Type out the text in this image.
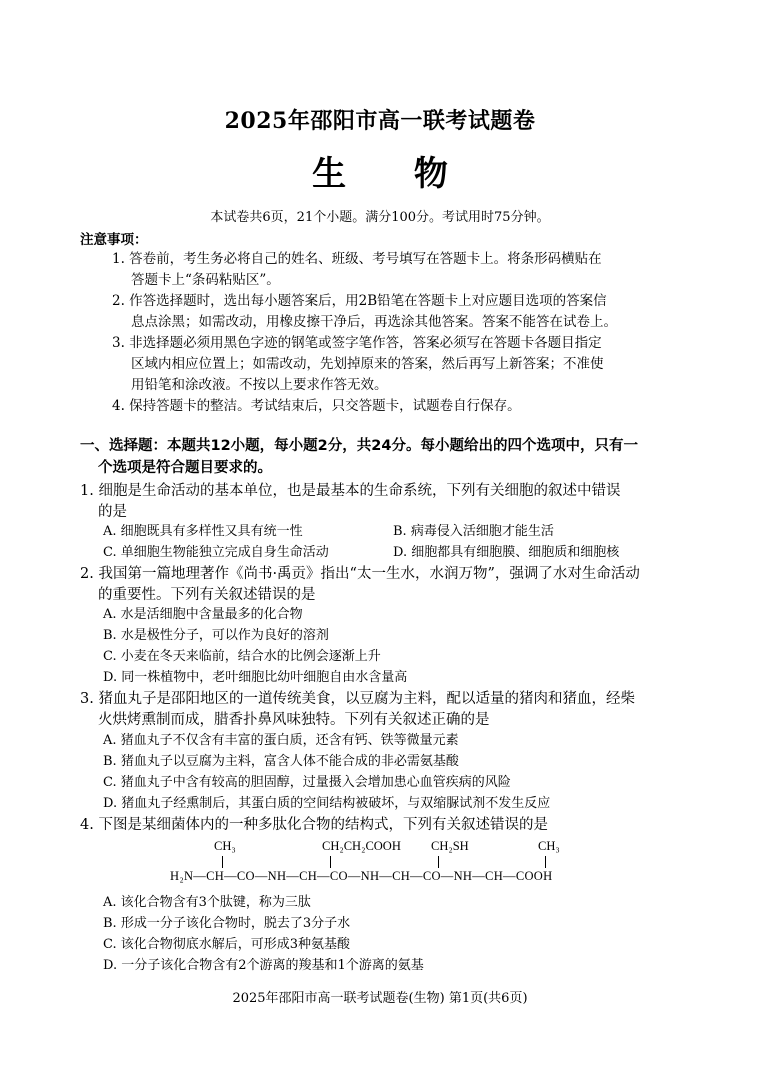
2025年邵阳市高一联考试题卷
生 物
本试卷共6页，21个小题。满分100分。考试用时75分钟。
注意事项：
1. 答卷前，考生务必将自己的姓名、班级、考号填写在答题卡上。将条形码横贴在
答题卡上“条码粘贴区”。
2. 作答选择题时，选出每小题答案后，用2B铅笔在答题卡上对应题目选项的答案信
息点涂黑；如需改动，用橡皮擦干净后，再选涂其他答案。答案不能答在试卷上。
3. 非选择题必须用黑色字迹的钢笔或签字笔作答，答案必须写在答题卡各题目指定
区域内相应位置上；如需改动，先划掉原来的答案，然后再写上新答案；不准使
用铅笔和涂改液。不按以上要求作答无效。
4. 保持答题卡的整洁。考试结束后，只交答题卡，试题卷自行保存。
一、选择题：本题共12小题，每小题2分，共24分。每小题给出的四个选项中，只有一
个选项是符合题目要求的。
1. 细胞是生命活动的基本单位，也是最基本的生命系统，下列有关细胞的叙述中错误
的是
A. 细胞既具有多样性又具有统一性	B. 病毒侵入活细胞才能生活
C. 单细胞生物能独立完成自身生命活动	D. 细胞都具有细胞膜、细胞质和细胞核
2. 我国第一篇地理著作《尚书·禹贡》指出“太一生水，水润万物”，强调了水对生命活动
的重要性。下列有关叙述错误的是
A. 水是活细胞中含量最多的化合物
B. 水是极性分子，可以作为良好的溶剂
C. 小麦在冬天来临前，结合水的比例会逐渐上升
D. 同一株植物中，老叶细胞比幼叶细胞自由水含量高
3. 猪血丸子是邵阳地区的一道传统美食，以豆腐为主料，配以适量的猪肉和猪血，经柴
火烘烤熏制而成，腊香扑鼻风味独特。下列有关叙述正确的是
A. 猪血丸子不仅含有丰富的蛋白质，还含有钙、铁等微量元素
B. 猪血丸子以豆腐为主料，富含人体不能合成的非必需氨基酸
C. 猪血丸子中含有较高的胆固醇，过量摄入会增加患心血管疾病的风险
D. 猪血丸子经熏制后，其蛋白质的空间结构被破坏，与双缩脲试剂不发生反应
4. 下图是某细菌体内的一种多肽化合物的结构式，下列有关叙述错误的是
CH₃	CH₂CH₂COOH CH₂SH	CH₃
H₂N—CH—CO—NH—CH—CO—NH—CH—CO—NH—CH—COOH
A. 该化合物含有3个肽键，称为三肽
B. 形成一分子该化合物时，脱去了3分子水
C. 该化合物彻底水解后，可形成3种氨基酸
D. 一分子该化合物含有2个游离的羧基和1个游离的氨基
2025年邵阳市高一联考试题卷(生物) 第1页(共6页)
